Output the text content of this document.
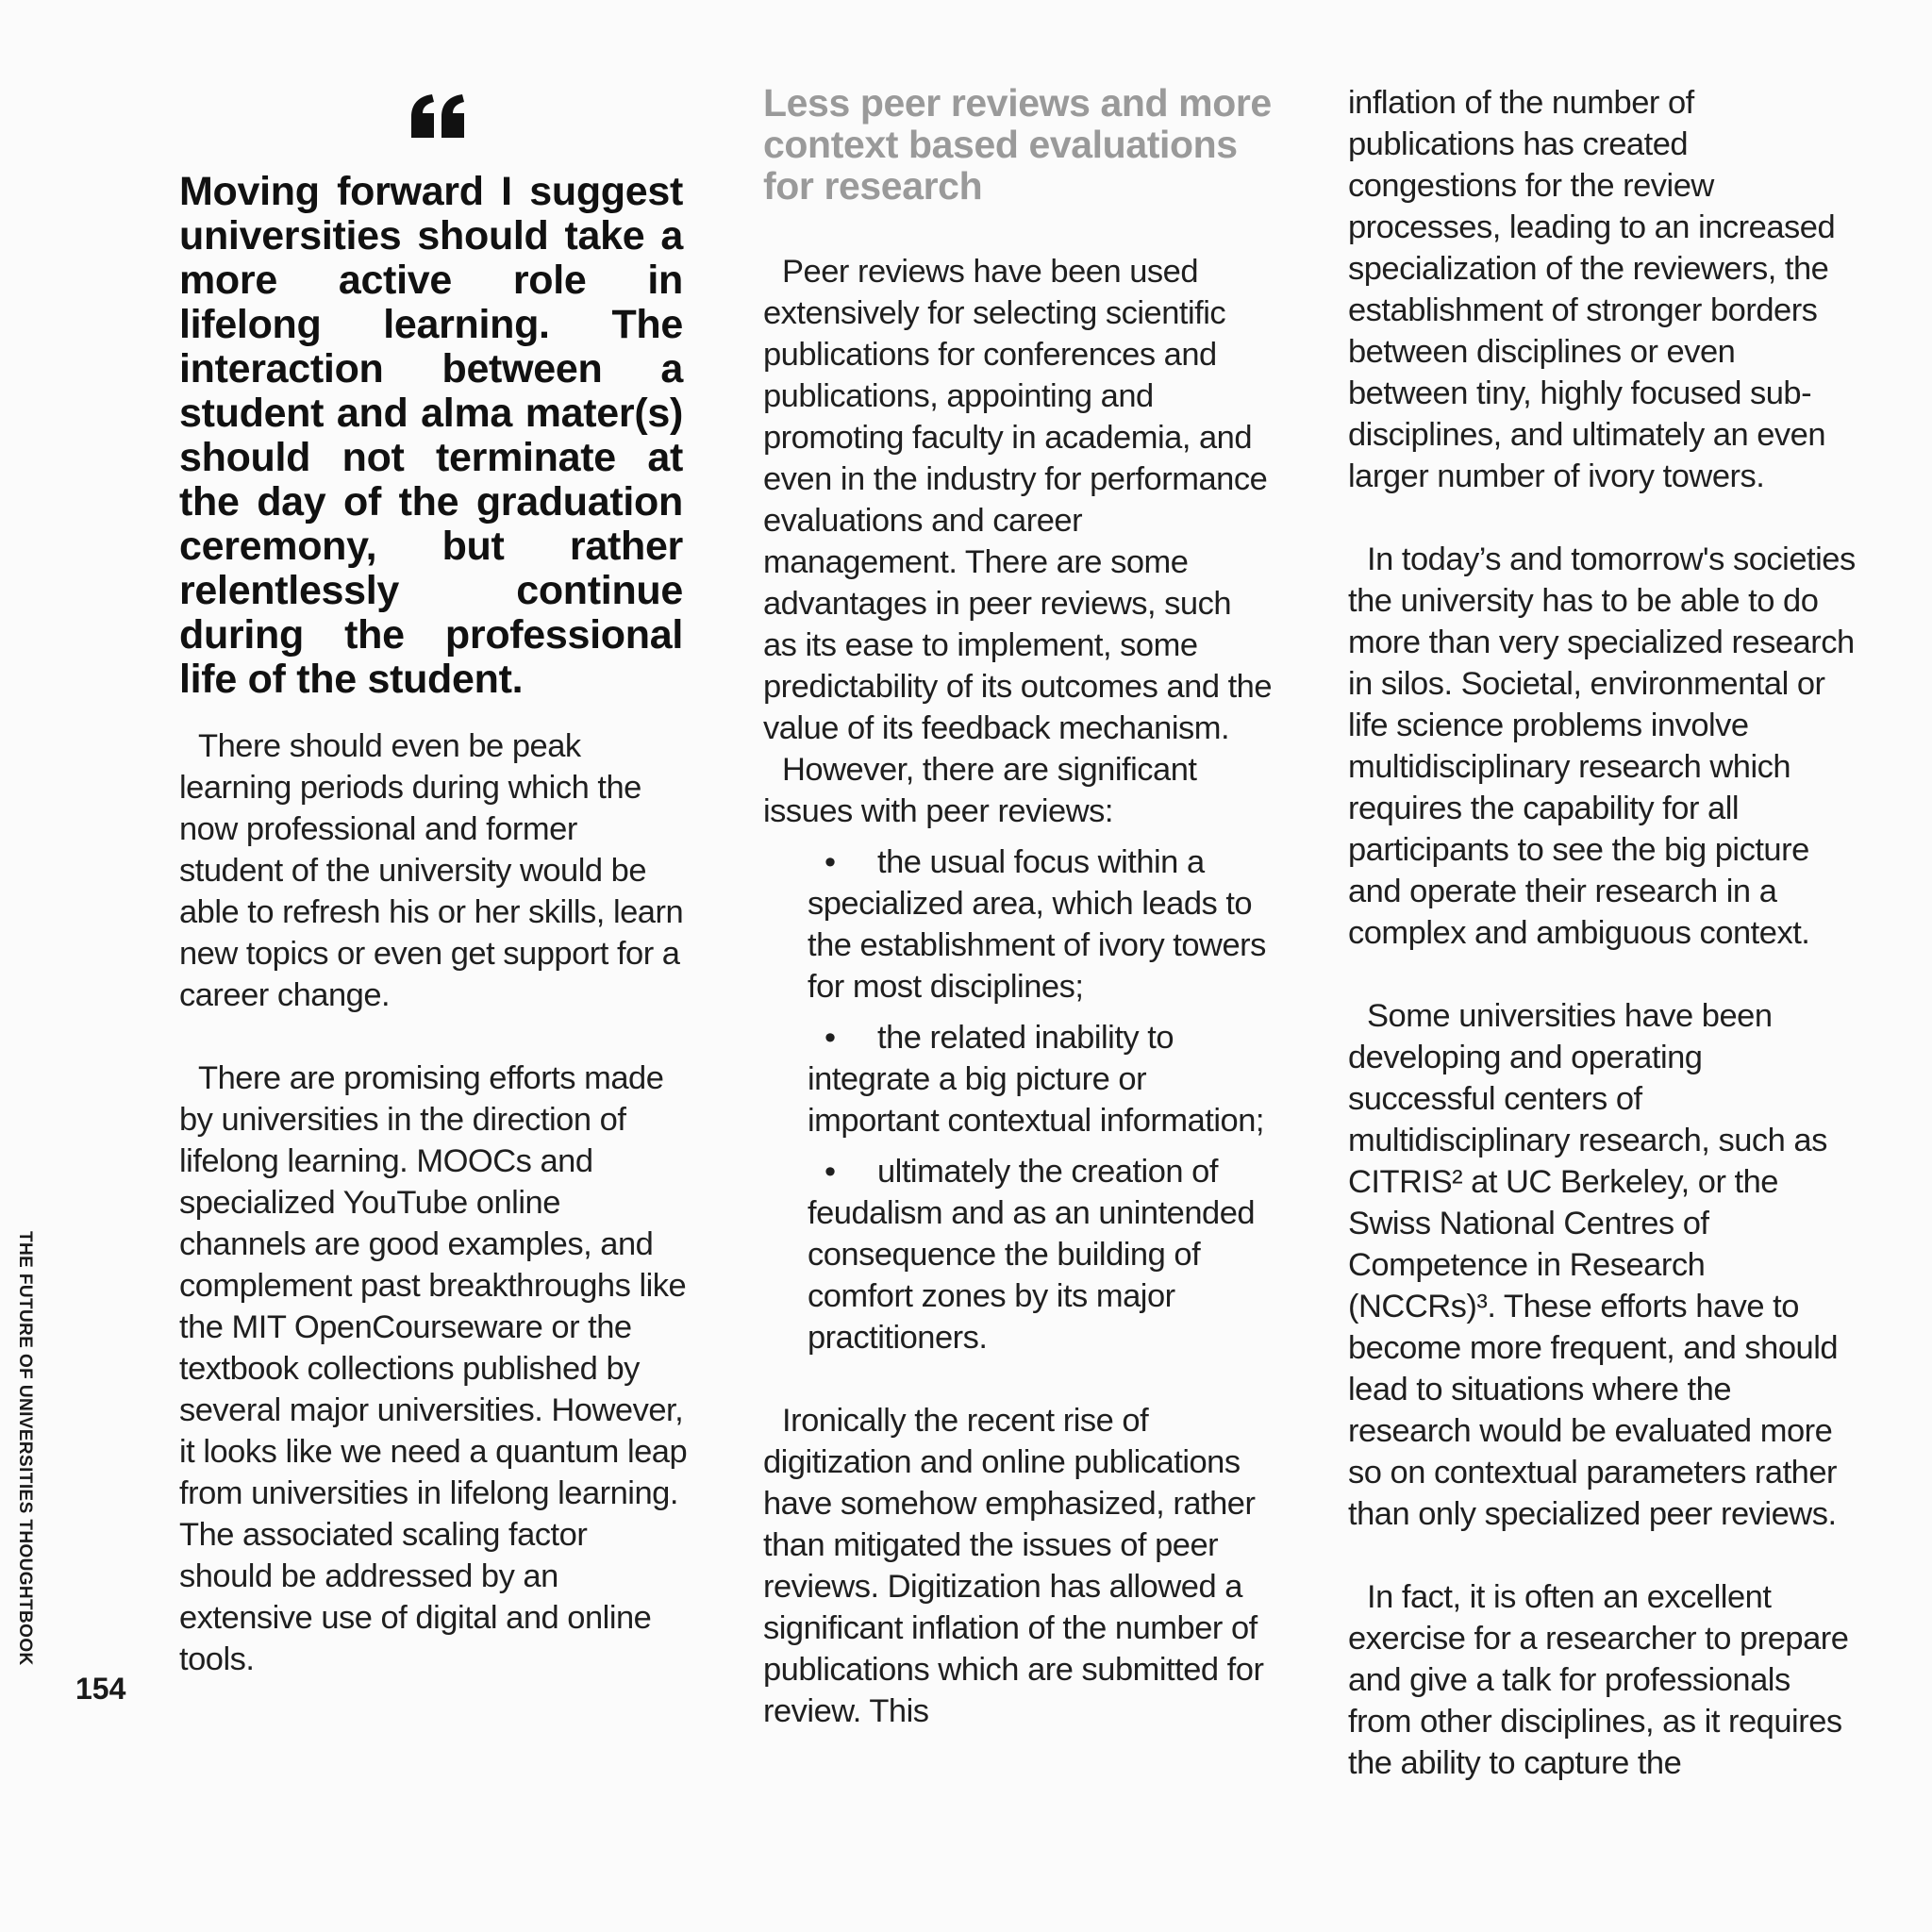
THE FUTURE OF UNIVERSITIES THOUGHTBOOK
154

Moving forward I suggest universities should take a more active role in lifelong learning. The interaction between a student and alma mater(s) should not terminate at the day of the graduation ceremony, but rather relentlessly continue during the professional life of the student.

There should even be peak learning periods during which the now professional and former student of the university would be able to refresh his or her skills, learn new topics or even get support for a career change.

There are promising efforts made by universities in the direction of lifelong learning. MOOCs and specialized YouTube online channels are good examples, and complement past breakthroughs like the MIT OpenCourseware or the textbook collections published by several major universities. However, it looks like we need a quantum leap from universities in lifelong learning. The associated scaling factor should be addressed by an extensive use of digital and online tools.

Less peer reviews and more context based evaluations for research

Peer reviews have been used extensively for selecting scientific publications for conferences and publications, appointing and promoting faculty in academia, and even in the industry for performance evaluations and career management. There are some advantages in peer reviews, such as its ease to implement, some predictability of its outcomes and the value of its feedback mechanism.

However, there are significant issues with peer reviews:

• the usual focus within a specialized area, which leads to the establishment of ivory towers for most disciplines;
• the related inability to integrate a big picture or important contextual information;
• ultimately the creation of feudalism and as an unintended consequence the building of comfort zones by its major practitioners.

Ironically the recent rise of digitization and online publications have somehow emphasized, rather than mitigated the issues of peer reviews. Digitization has allowed a significant inflation of the number of publications which are submitted for review. This

inflation of the number of publications has created congestions for the review processes, leading to an increased specialization of the reviewers, the establishment of stronger borders between disciplines or even between tiny, highly focused sub-disciplines, and ultimately an even larger number of ivory towers.

In today’s and tomorrow's societies the university has to be able to do more than very specialized research in silos. Societal, environmental or life science problems involve multidisciplinary research which requires the capability for all participants to see the big picture and operate their research in a complex and ambiguous context.

Some universities have been developing and operating successful centers of multidisciplinary research, such as CITRIS² at UC Berkeley, or the Swiss National Centres of Competence in Research (NCCRs)³. These efforts have to become more frequent, and should lead to situations where the research would be evaluated more so on contextual parameters rather than only specialized peer reviews.

In fact, it is often an excellent exercise for a researcher to prepare and give a talk for professionals from other disciplines, as it requires the ability to capture the
